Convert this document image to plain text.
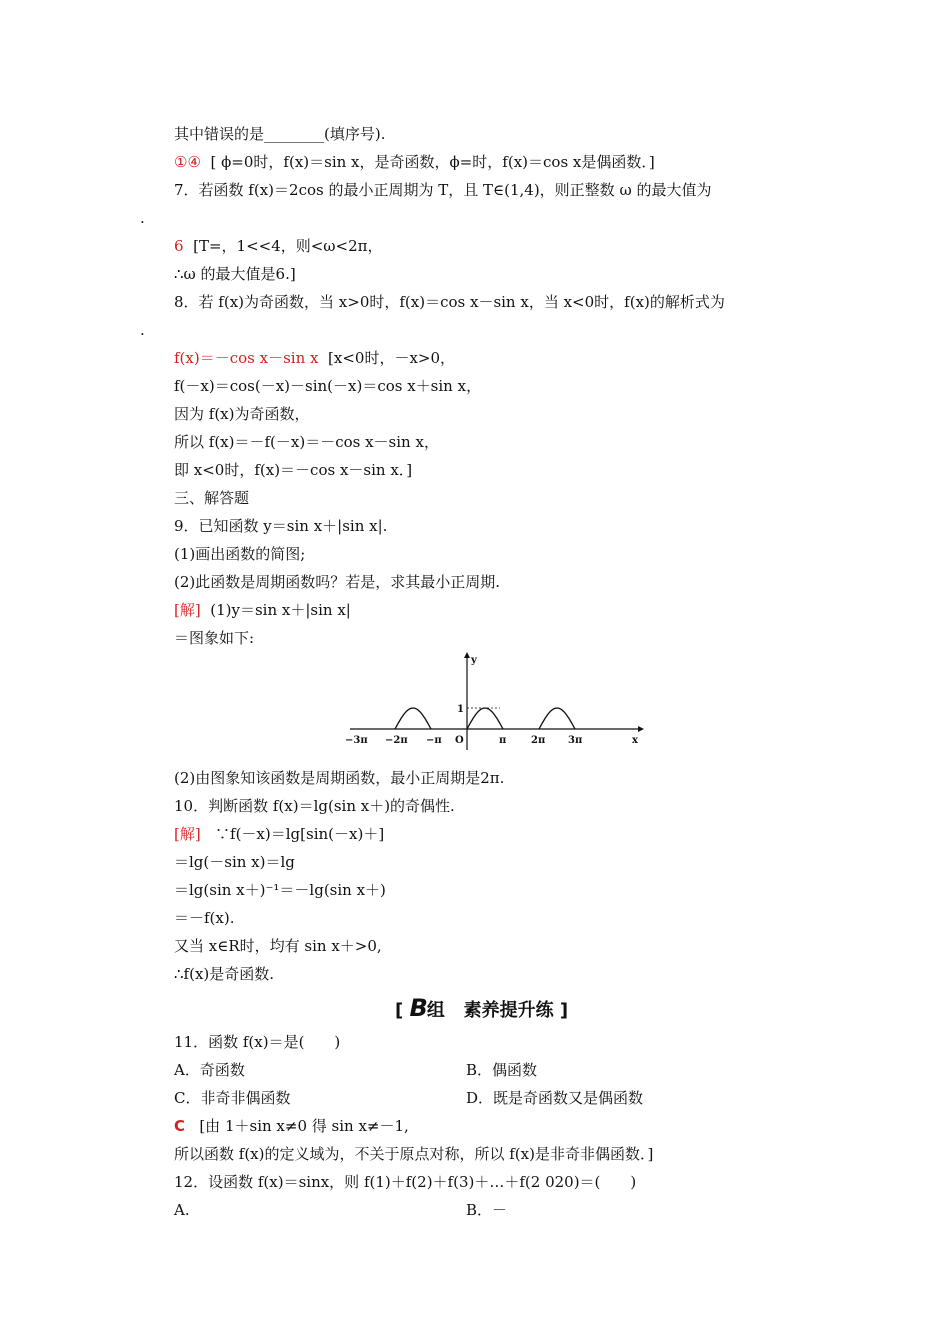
其中错误的是________(填序号).
①④ [ ϕ=0时，f(x)＝sin x，是奇函数，ϕ=时，f(x)＝cos x是偶函数．]
7．若函数 f(x)＝2cos 的最小正周期为 T，且 T∈(1,4)，则正整数 ω 的最大值为
.
6 [T=，1<<4，则<ω<2π，
∴ω 的最大值是6.]
8．若 f(x)为奇函数，当 x>0时，f(x)＝cos x－sin x，当 x<0时，f(x)的解析式为
.
f(x)＝－cos x－sin x [x<0时，－x>0，
f(－x)＝cos(－x)－sin(－x)＝cos x＋sin x，
因为 f(x)为奇函数，
所以 f(x)＝－f(－x)＝－cos x－sin x，
即 x<0时，f(x)＝－cos x－sin x．]
三、解答题
9．已知函数 y＝sin x＋|sin x|.
(1)画出函数的简图;
(2)此函数是周期函数吗？若是，求其最小正周期.
[解] (1)y＝sin x＋|sin x|
＝图象如下:
y
x
1
O
−3π −2π −π	π 2π 3π
(2)由图象知该函数是周期函数，最小正周期是2π.
10．判断函数 f(x)＝lg(sin x＋)的奇偶性.
[解] ∵f(－x)＝lg[sin(－x)＋]
＝lg(－sin x)＝lg
＝lg(sin x＋)⁻¹＝－lg(sin x＋)
＝－f(x).
又当 x∈R时，均有 sin x＋>0,
∴f(x)是奇函数.
[ B组 素养提升练 ]
11．函数 f(x)＝是(　　)
A．奇函数	B．偶函数
C．非奇非偶函数	D．既是奇函数又是偶函数
C [由 1＋sin x≠0 得 sin x≠－1,
所以函数 f(x)的定义域为，不关于原点对称，所以 f(x)是非奇非偶函数．]
12．设函数 f(x)＝sinx，则 f(1)＋f(2)＋f(3)＋…＋f(2 020)＝(　　)
A.	B．－
